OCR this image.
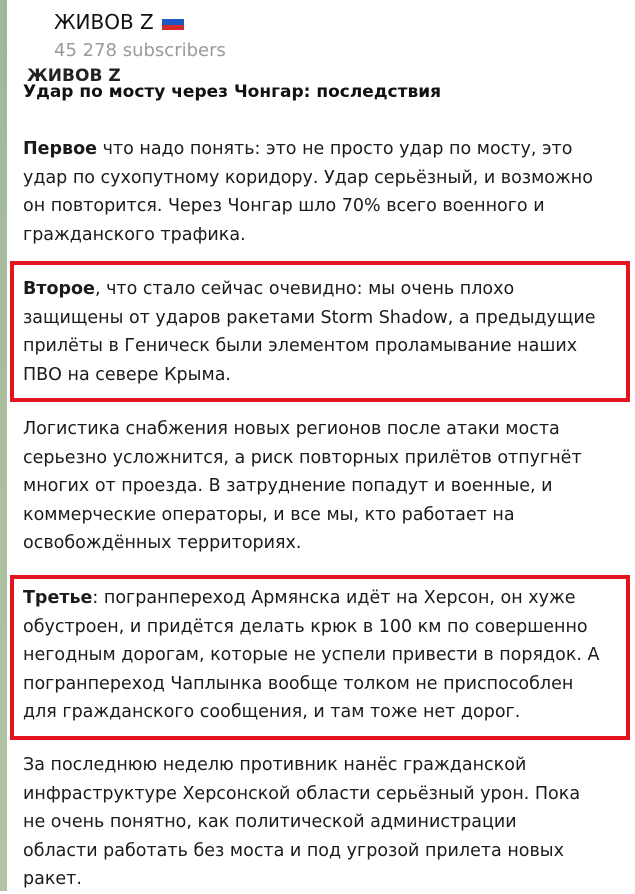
ЖИВОВ Z
45 278 subscribers
ЖИВОВ Z
Удар по мосту через Чонгар: последствия
Первое что надо понять: это не просто удар по мосту, это
удар по сухопутному коридору. Удар серьёзный, и возможно
он повторится. Через Чонгар шло 70% всего военного и
гражданского трафика.
Второе, что стало сейчас очевидно: мы очень плохо
защищены от ударов ракетами Storm Shadow, а предыдущие
прилёты в Геническ были элементом проламывание наших
ПВО на севере Крыма.
Логистика снабжения новых регионов после атаки моста
серьезно усложнится, а риск повторных прилётов отпугнёт
многих от проезда. В затруднение попадут и военные, и
коммерческие операторы, и все мы, кто работает на
освобождённых территориях.
Третье: погранпереход Армянска идёт на Херсон, он хуже
обустроен, и придётся делать крюк в 100 км по совершенно
негодным дорогам, которые не успели привести в порядок. А
погранпереход Чаплынка вообще толком не приспособлен
для гражданского сообщения, и там тоже нет дорог.
За последнюю неделю противник нанёс гражданской
инфраструктуре Херсонской области серьёзный урон. Пока
не очень понятно, как политической администрации
области работать без моста и под угрозой прилета новых
ракет.
